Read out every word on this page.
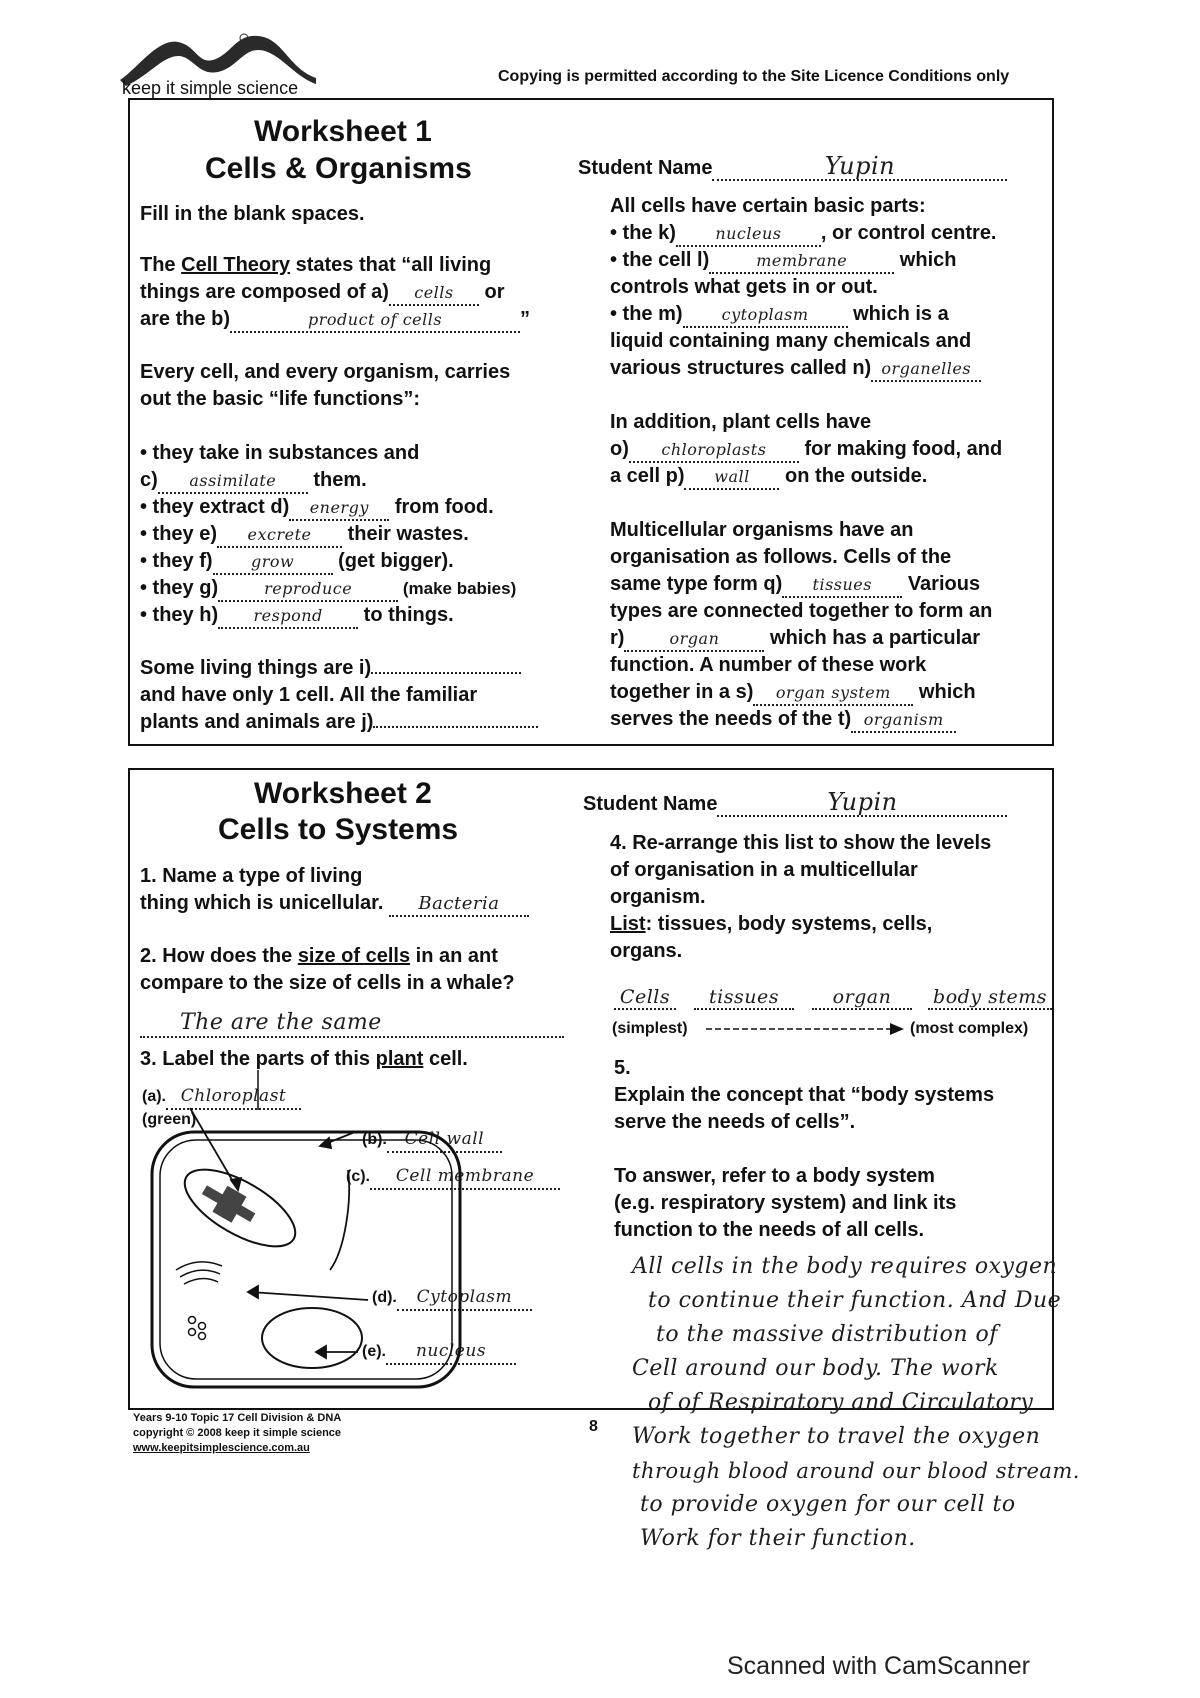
keep it simple science
Copying is permitted according to the Site Licence Conditions only
Worksheet 1
Cells & Organisms	Student Name	Yupin
Fill in the blank spaces.
The Cell Theory states that “all living
things are composed of a) cells or
are the b)	product of cells	”
Every cell, and every organism, carries
out the basic “life functions”:
• they take in substances and
c) assimilate them.
• they extract d) energy from food.
• they e) excrete their wastes.
• they f) grow (get bigger).
• they g)	reproduce	(make babies)
• they h) respond to things.
Some living things are i)
and have only 1 cell. All the familiar
plants and animals are j)
All cells have certain basic parts:
• the k) nucleus , or control centre.
• the cell l)	membrane which
controls what gets in or out.
• the m) cytoplasm which is a
liquid containing many chemicals and
various structures called n) organelles
In addition, plant cells have
o) chloroplasts for making food, and
a cell p) wall on the outside.
Multicellular organisms have an
organisation as follows. Cells of the
same type form q) tissues Various
types are connected together to form an
r)	organ which has a particular
function. A number of these work
together in a s) organ system which
serves the needs of the t) organism
Worksheet 2
Cells to Systems
Student Name	Yupin
1. Name a type of living
thing which is unicellular. Bacteria
2. How does the size of cells in an ant
compare to the size of cells in a whale?
The are the same
3. Label the parts of this plant cell.
(a). Chloroplast
(green)
(b). Cell wall
(c). Cell membrane
(d). Cytoplasm
(e). nucleus
4. Re-arrange this list to show the levels
of organisation in a multicellular
organism.
List: tissues, body systems, cells,
organs.
Cells	tissues	organ	body stems
(simplest)	(most complex)
5.
Explain the concept that “body systems
serve the needs of cells”.
To answer, refer to a body system
(e.g. respiratory system) and link its
function to the needs of all cells.
All cells in the body requires oxygen
to continue their function. And Due
to the massive distribution of
Cell around our body. The work
of of Respiratory and Circulatory
Work together to travel the oxygen
through blood around our blood stream.
to provide oxygen for our cell to
Work for their function.
Years 9-10 Topic 17 Cell Division & DNA
copyright © 2008 keep it simple science
www.keepitsimplescience.com.au
8
Scanned with CamScanner
